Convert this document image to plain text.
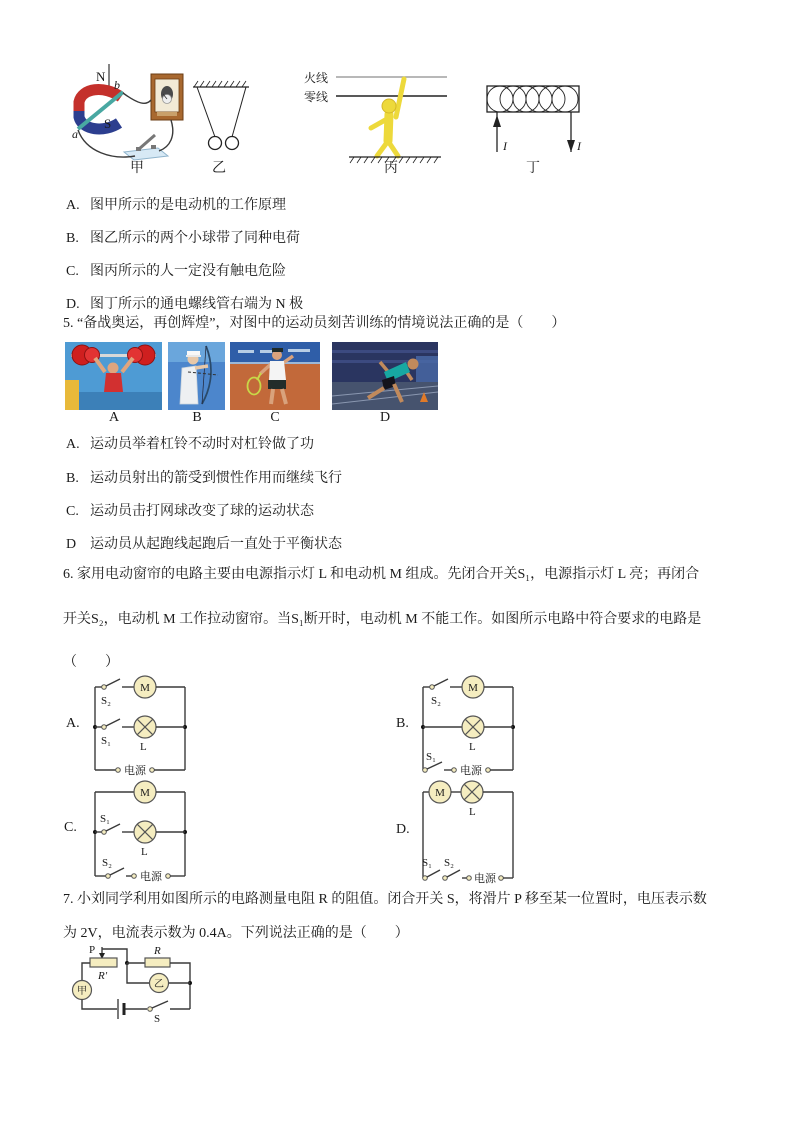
N
a
b
S
甲	乙
火线
零线
丙
I	I
丁
A. 图甲所示的是电动机的工作原理
B. 图乙所示的两个小球带了同种电荷
C. 图丙所示的人一定没有触电危险
D. 图丁所示的通电螺线管右端为 N 极
5. “备战奥运，再创辉煌”，对图中的运动员刻苦训练的情境说法正确的是（　　）
A	B	C	D
A. 运动员举着杠铃不动时对杠铃做了功
B. 运动员射出的箭受到惯性作用而继续飞行
C. 运动员击打网球改变了球的运动状态
D 运动员从起跑线起跑后一直处于平衡状态
6. 家用电动窗帘的电路主要由电源指示灯 L 和电动机 M 组成。先闭合开关S₁，电源指示灯 L 亮；再闭合
开关S₂，电动机 M 工作拉动窗帘。当S₁断开时，电动机 M 不能工作。如图所示电路中符合要求的电路是
（　　）
A.
M
S₂
S₁	L
电源
B.
M
S₂
L
S₁
电源
C.
M
S₁
L
S₂
电源
D.
M
L
S₁ S₂
电源
7. 小刘同学利用如图所示的电路测量电阻 R 的阻值。闭合开关 S，将滑片 P 移至某一位置时，电压表示数
为 2V，电流表示数为 0.4A。下列说法正确的是（　　）
P
R′
R
乙
甲
S
